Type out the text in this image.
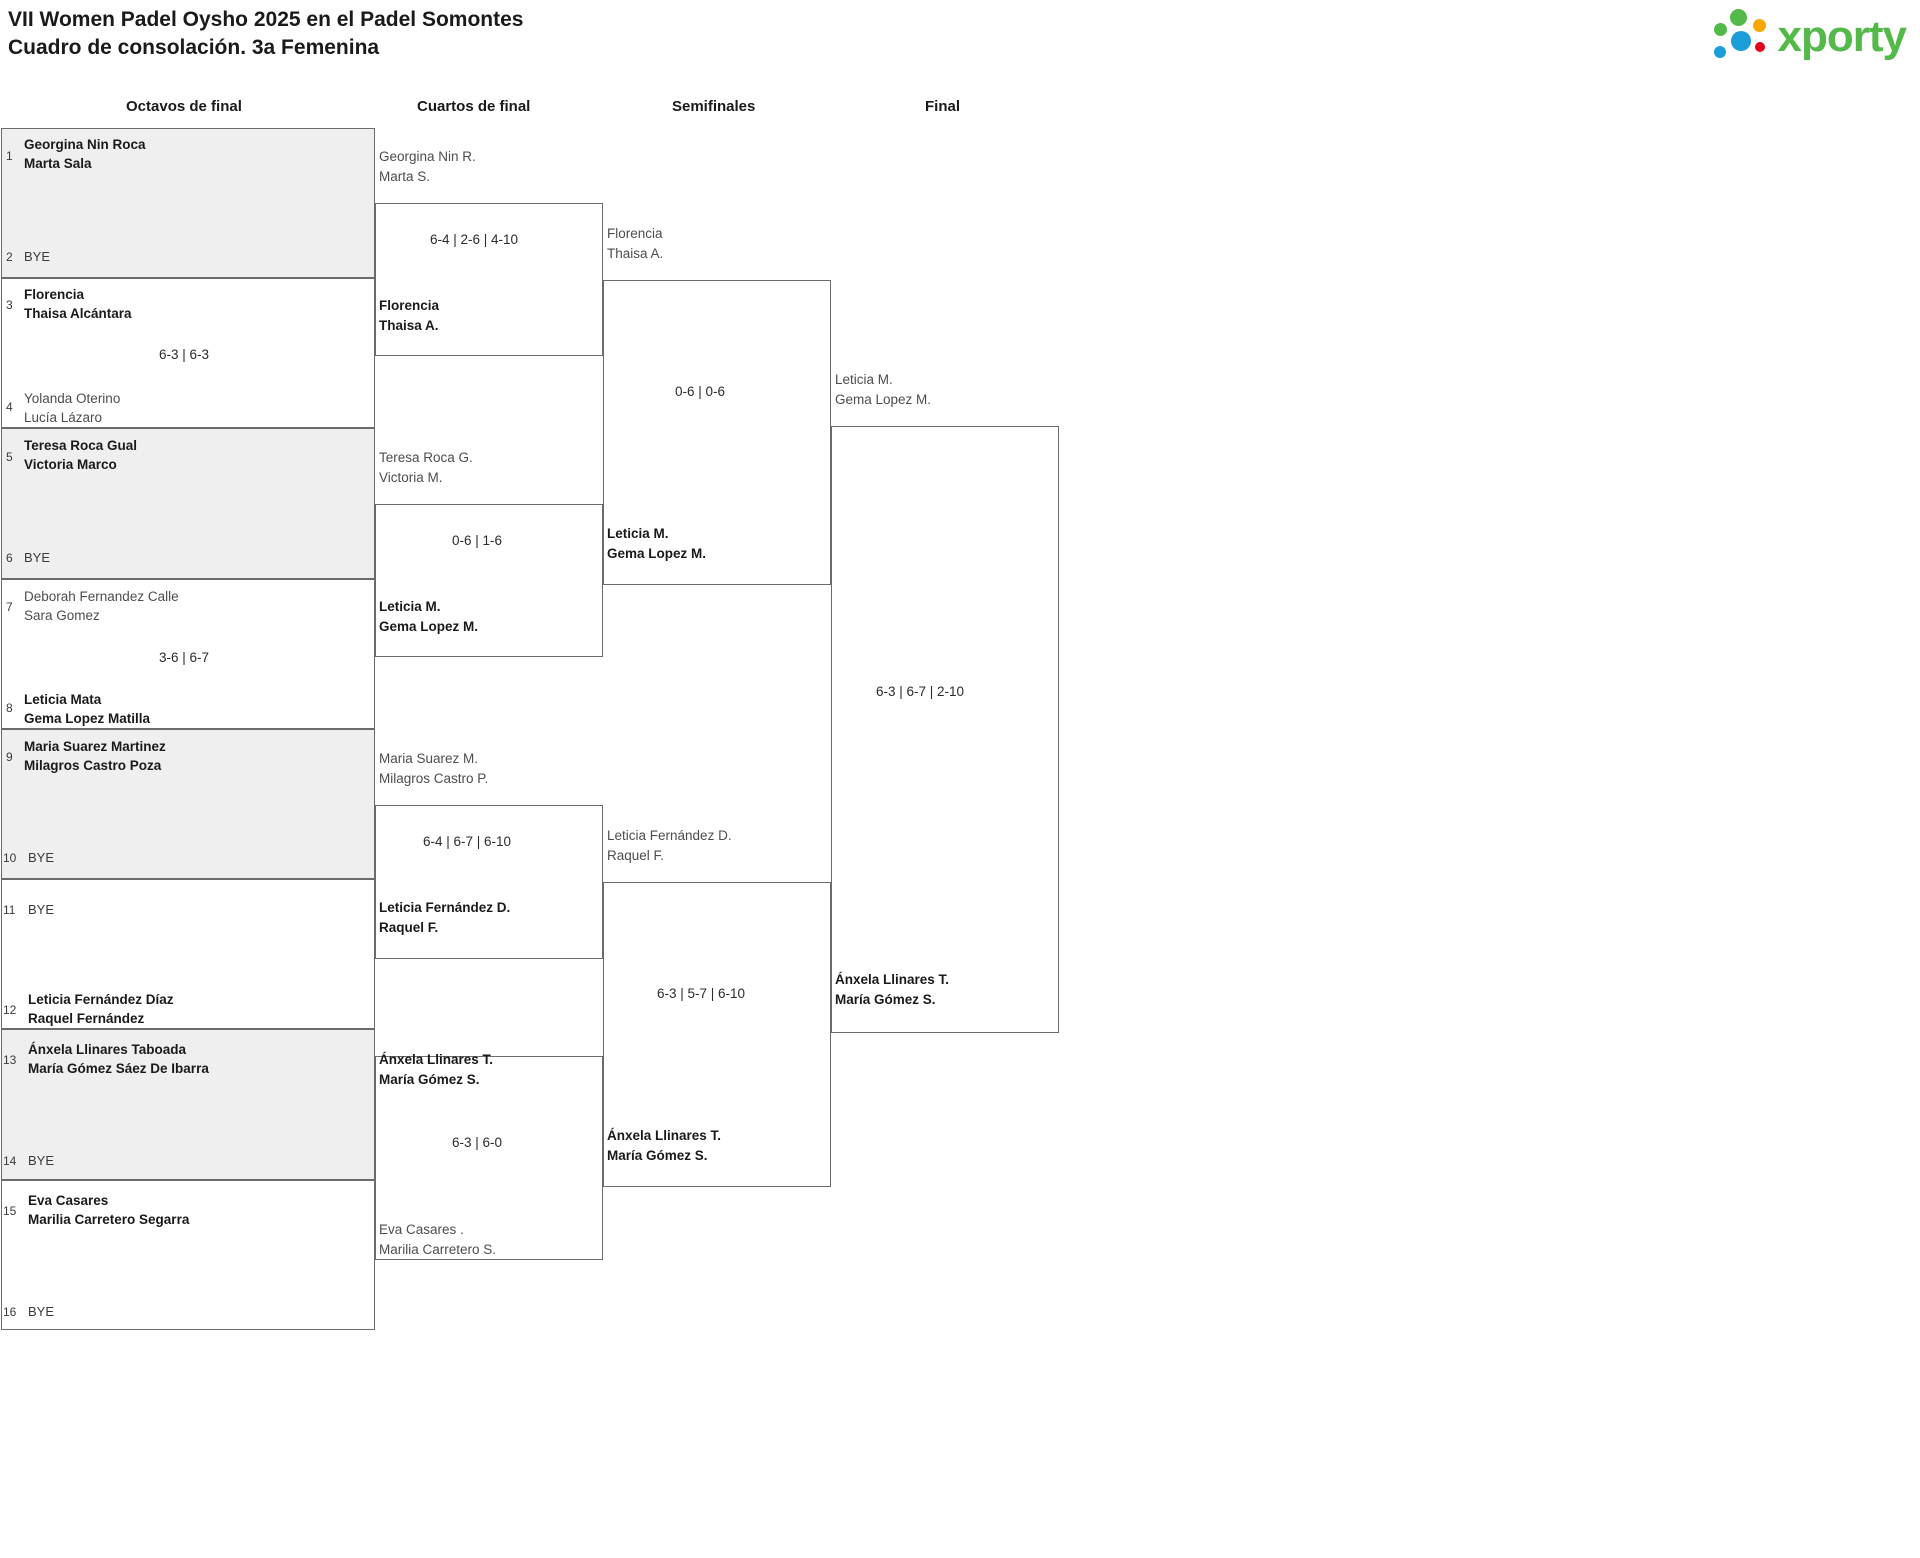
VII Women Padel Oysho 2025 en el Padel Somontes
Cuadro de consolación. 3a Femenina	xporty
Octavos de final	Cuartos de final	Semifinales	Final
1
Georgina Nin Roca
Marta Sala
2 BYE
3
Florencia
Thaisa Alcántara
6-3 | 6-3
4
Yolanda Oterino
Lucía Lázaro
5
Teresa Roca Gual
Victoria Marco
6 BYE
7
Deborah Fernandez Calle
Sara Gomez
3-6 | 6-7
8
Leticia Mata
Gema Lopez Matilla
9
Maria Suarez Martinez
Milagros Castro Poza
10 BYE
11 BYE
12
Leticia Fernández Díaz
Raquel Fernández
13
Ánxela Llinares Taboada
María Gómez Sáez De Ibarra
14 BYE
15
Eva Casares
Marilia Carretero Segarra
16 BYE
Georgina Nin R.
Marta S.
6-4 | 2-6 | 4-10
Florencia
Thaisa A.
Teresa Roca G.
Victoria M.
0-6 | 1-6
Leticia M.
Gema Lopez M.
Maria Suarez M.
Milagros Castro P.
6-4 | 6-7 | 6-10
Leticia Fernández D.
Raquel F.
Ánxela Llinares T.
María Gómez S.
6-3 | 6-0
Eva Casares .
Marilia Carretero S.
Florencia
Thaisa A.
0-6 | 0-6
Leticia M.
Gema Lopez M.
Leticia Fernández D.
Raquel F.
6-3 | 5-7 | 6-10
Ánxela Llinares T.
María Gómez S.
Leticia M.
Gema Lopez M.
6-3 | 6-7 | 2-10
Ánxela Llinares T.
María Gómez S.
